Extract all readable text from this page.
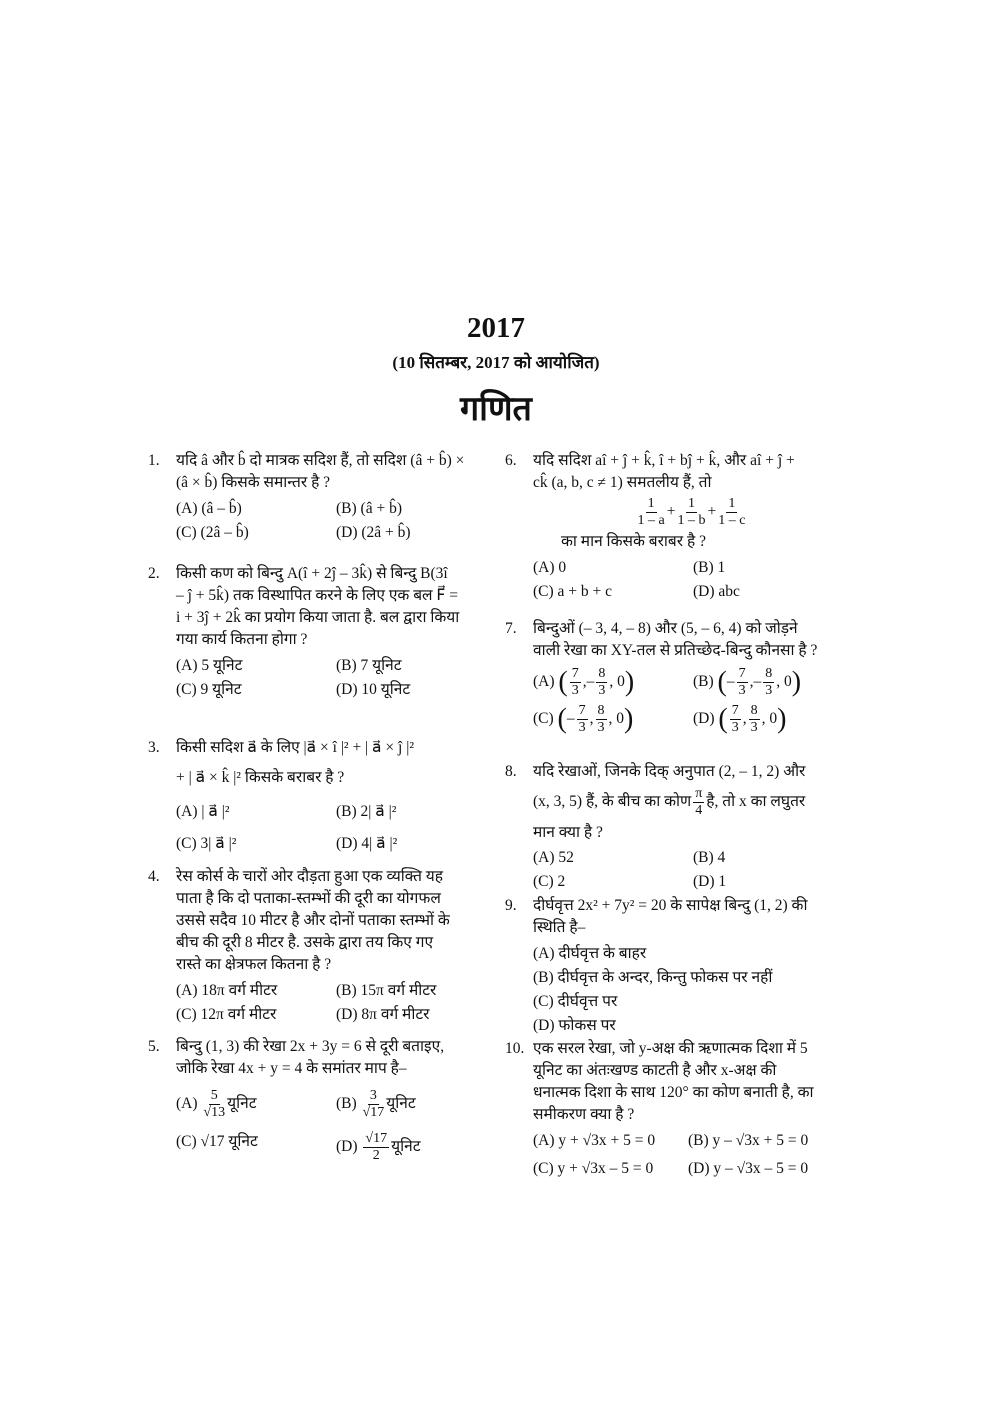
2017
(10 सितम्बर, 2017 को आयोजित)
गणित
1. यदि â और b̂ दो मात्रक सदिश हैं, तो सदिश (â + b̂) ×
(â × b̂) किसके समान्तर है ?
(A) (â – b̂)	(B) (â + b̂)
(C) (2â – b̂)	(D) (2â + b̂)
2. किसी कण को बिन्दु A(î + 2ĵ – 3k̂) से बिन्दु B(3î
– ĵ + 5k̂) तक विस्थापित करने के लिए एक बल F⃗ =
i + 3ĵ + 2k̂ का प्रयोग किया जाता है. बल द्वारा किया
गया कार्य कितना होगा ?
(A) 5 यूनिट	(B) 7 यूनिट
(C) 9 यूनिट	(D) 10 यूनिट
3. किसी सदिश a⃗ के लिए |a⃗ × î |² + | a⃗ × ĵ |²
+ | a⃗ × k̂ |² किसके बराबर है ?
(A) | a⃗ |²	(B) 2| a⃗ |²
(C) 3| a⃗ |²	(D) 4| a⃗ |²
4. रेस कोर्स के चारों ओर दौड़ता हुआ एक व्यक्ति यह
पाता है कि दो पताका-स्तम्भों की दूरी का योगफल
उससे सदैव 10 मीटर है और दोनों पताका स्तम्भों के
बीच की दूरी 8 मीटर है. उसके द्वारा तय किए गए
रास्ते का क्षेत्रफल कितना है ?
(A) 18π वर्ग मीटर	(B) 15π वर्ग मीटर
(C) 12π वर्ग मीटर	(D) 8π वर्ग मीटर
5. बिन्दु (1, 3) की रेखा 2x + 3y = 6 से दूरी बताइए,
जोकि रेखा 4x + y = 4 के समांतर माप है–
$(A) \frac{5}{√13}$ यूनिट	$(B) \frac{3}{√17}$ यूनिट
(C) √17 यूनिट	$(D) \frac{√17}{2}$ यूनिट
6. यदि सदिश aî + ĵ + k̂, î + bĵ + k̂, और aî + ĵ +
ck̂ (a, b, c ≠ 1) समतलीय हैं, तो
$\frac{1}{1 - a} + \frac{1}{1 - b} + \frac{1}{1 - c}$
का मान किसके बराबर है ?
(A) 0	(B) 1
(C) a + b + c	(D) abc
7. बिन्दुओं (– 3, 4, – 8) और (5, – 6, 4) को जोड़ने
वाली रेखा का XY-तल से प्रतिच्छेद-बिन्दु कौनसा है ?
(A) ( $\frac{7}{3}$ ,– $\frac{8}{3}$ , 0)	(B) (– $\frac{7}{3}$ ,– $\frac{8}{3}$ , 0)
(C) (– $\frac{7}{3}$ , $\frac{8}{3}$ , 0)	(D) ( $\frac{7}{3}$ , $\frac{8}{3}$ , 0)
8. यदि रेखाओं, जिनके दिक् अनुपात (2, – 1, 2) और
(x, 3, 5) हैं, के बीच का कोण $\frac{\pi}{4}$ है, तो x का लघुतर
मान क्या है ?
(A) 52	(B) 4
(C) 2	(D) 1
9. दीर्घवृत्त 2x² + 7y² = 20 के सापेक्ष बिन्दु (1, 2) की
स्थिति है–
(A) दीर्घवृत्त के बाहर
(B) दीर्घवृत्त के अन्दर, किन्तु फोकस पर नहीं
(C) दीर्घवृत्त पर
(D) फोकस पर
10. एक सरल रेखा, जो y-अक्ष की ऋणात्मक दिशा में 5
यूनिट का अंतःखण्ड काटती है और x-अक्ष की
धनात्मक दिशा के साथ 120° का कोण बनाती है, का
समीकरण क्या है ?
(A) y + √3x + 5 = 0	(B) y – √3x + 5 = 0
(C) y + √3x – 5 = 0	(D) y – √3x – 5 = 0
